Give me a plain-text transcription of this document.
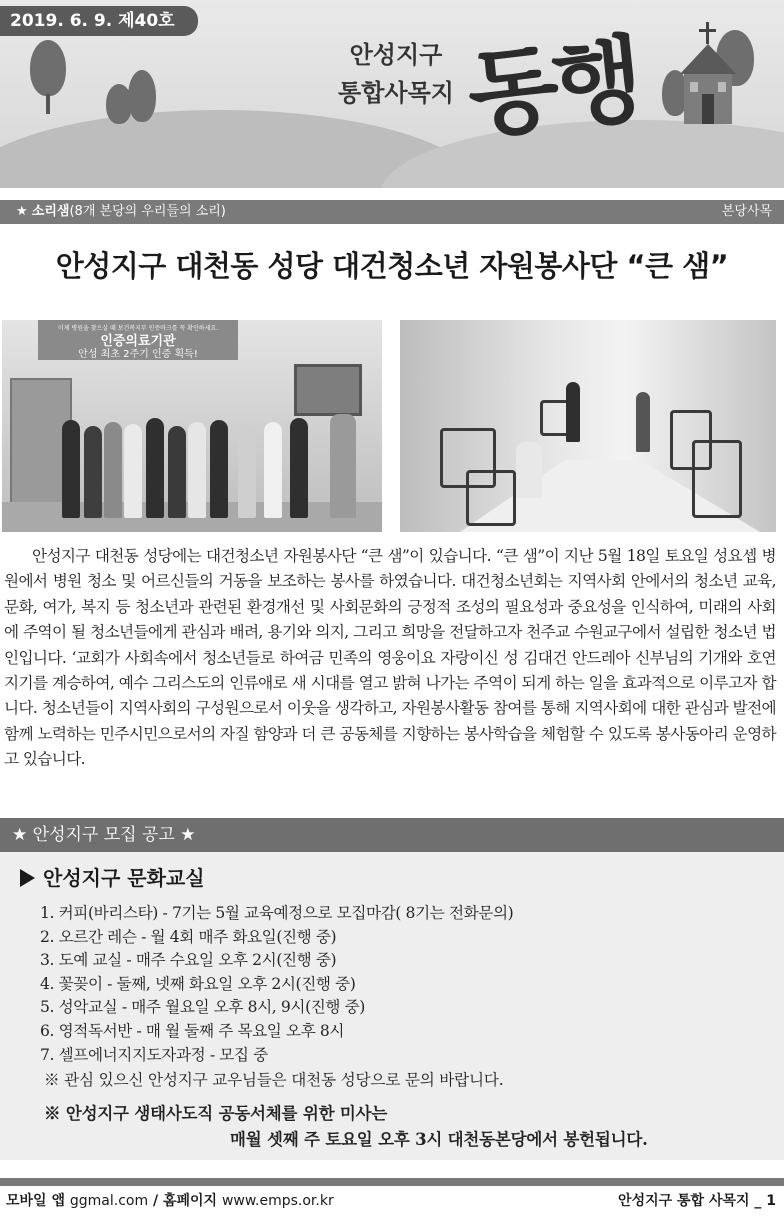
2019. 6. 9. 제40호
안성지구
통합사목지 동행
★ 소리샘(8개 본당의 우리들의 소리)	본당사목
안성지구 대천동 성당 대건청소년 자원봉사단 “큰 샘”
이제 병원을 찾으실 때 보건복지부 인증마크를 꼭 확인하세요.
인증의료기관
안성 최초 2주기 인증 획득!

안성지구 대천동 성당에는 대건청소년 자원봉사단 “큰 샘”이 있습니다. “큰 샘”이 지난 5월 18일 토요일 성요셉 병원에서 병원 청소 및 어르신들의 거동을 보조하는 봉사를 하였습니다. 대건청소년회는 지역사회 안에서의 청소년 교육, 문화, 여가, 복지 등 청소년과 관련된 환경개선 및 사회문화의 긍정적 조성의 필요성과 중요성을 인식하여, 미래의 사회에 주역이 될 청소년들에게 관심과 배려, 용기와 의지, 그리고 희망을 전달하고자 천주교 수원교구에서 설립한 청소년 법인입니다. ‘교회가 사회속에서 청소년들로 하여금 민족의 영웅이요 자랑이신 성 김대건 안드레아 신부님의 기개와 호연지기를 계승하여, 예수 그리스도의 인류애로 새 시대를 열고 밝혀 나가는 주역이 되게 하는 일을 효과적으로 이루고자 합니다. 청소년들이 지역사회의 구성원으로서 이웃을 생각하고, 자원봉사활동 참여를 통해 지역사회에 대한 관심과 발전에 함께 노력하는 민주시민으로서의 자질 함양과 더 큰 공동체를 지향하는 봉사학습을 체험할 수 있도록 봉사동아리 운영하고 있습니다.

★ 안성지구 모집 공고 ★
안성지구 문화교실
1. 커피(바리스타) - 7기는 5월 교육예정으로 모집마감( 8기는 전화문의)
2. 오르간 레슨 - 월 4회 매주 화요일(진행 중)
3. 도예 교실 - 매주 수요일 오후 2시(진행 중)
4. 꽃꽂이 - 둘째, 넷째 화요일 오후 2시(진행 중)
5. 성악교실 - 매주 월요일 오후 8시, 9시(진행 중)
6. 영적독서반 - 매 월 둘째 주 목요일 오후 8시
7. 셀프에너지지도자과정 - 모집 중
※ 관심 있으신 안성지구 교우님들은 대천동 성당으로 문의 바랍니다.
※ 안성지구 생태사도직 공동서체를 위한 미사는
매월 셋째 주 토요일 오후 3시 대천동본당에서 봉헌됩니다.
모바일 앱 ggmal.com / 홈페이지 www.emps.or.kr	안성지구 통합 사목지 _ 1
